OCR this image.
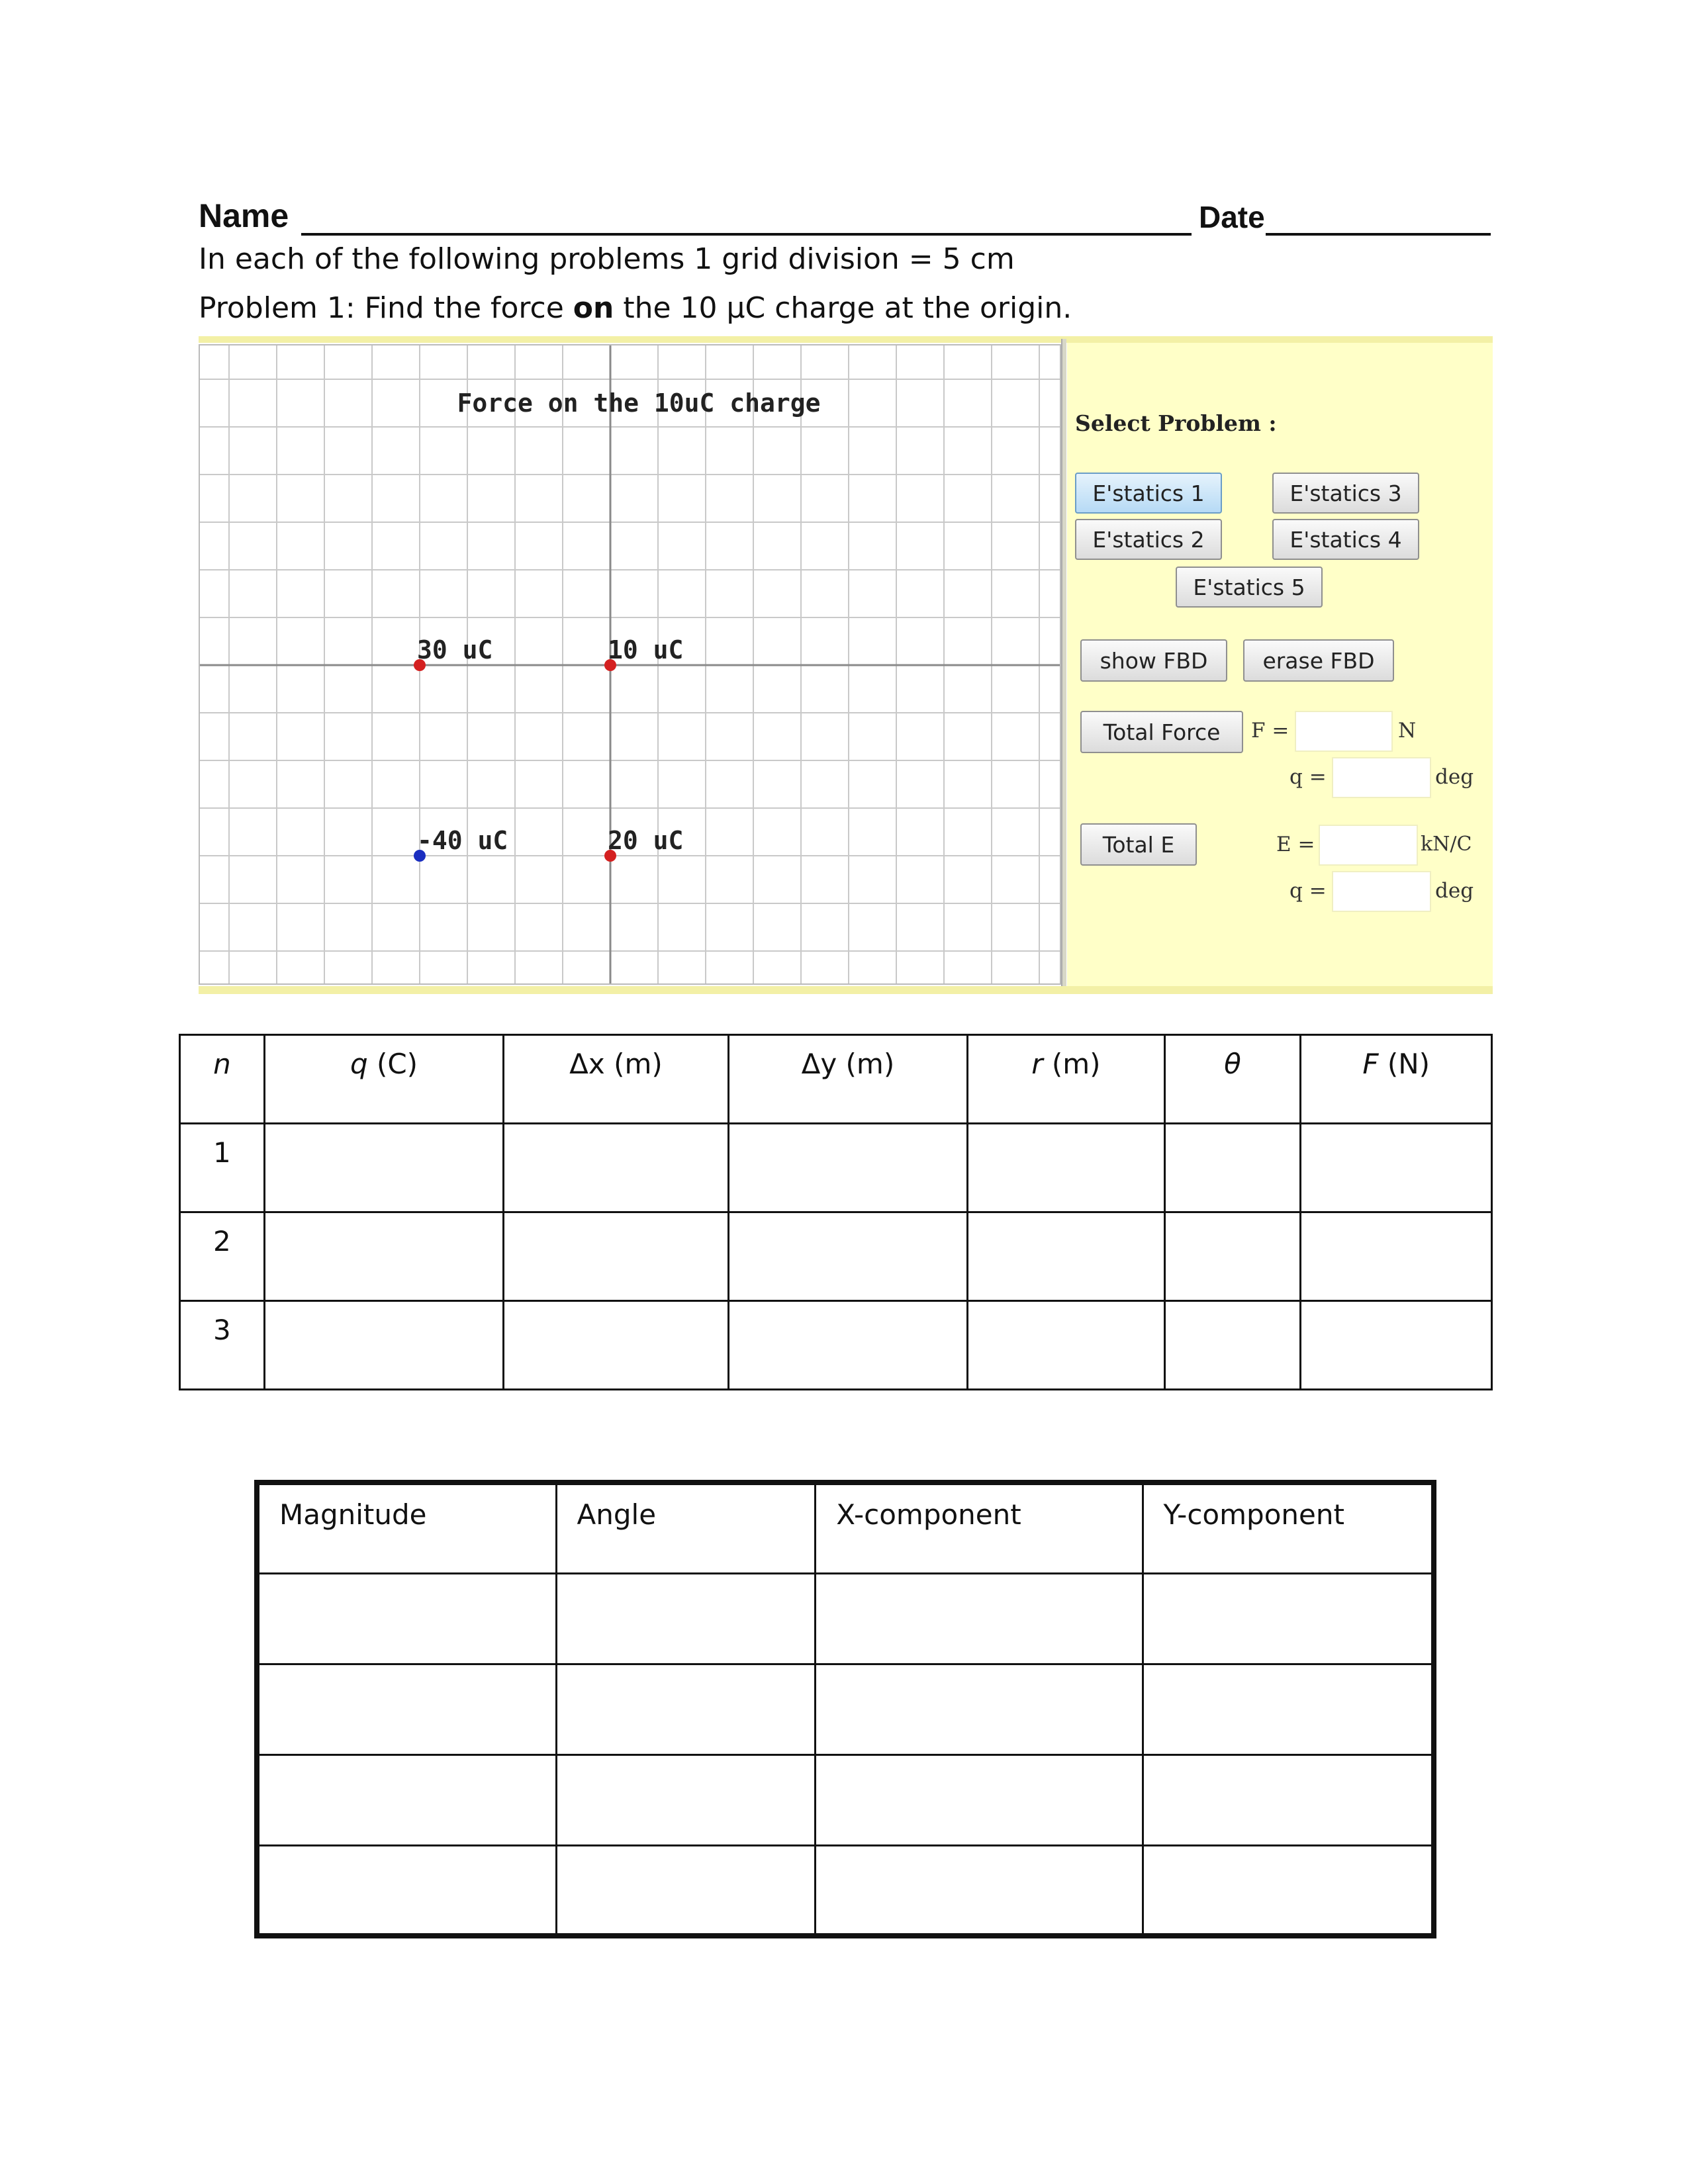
Name	Date
In each of the following problems 1 grid division = 5 cm
Problem 1: Find the force on the 10 μC charge at the origin.
Force on the 10uC charge
30 uC	10 uC
-40 uC	20 uC
Select Problem :
E'statics 1
E'statics 2
E'statics 3
E'statics 4
E'statics 5
show FBD	erase FBD
Total Force	F =	N
q =	deg
Total E	E =	kN/C
q =	deg
n	q (C)	Δx (m)	Δy (m)	r (m)	θ	F (N)
1						
2						
3						
Magnitude	Angle	X-component	Y-component
